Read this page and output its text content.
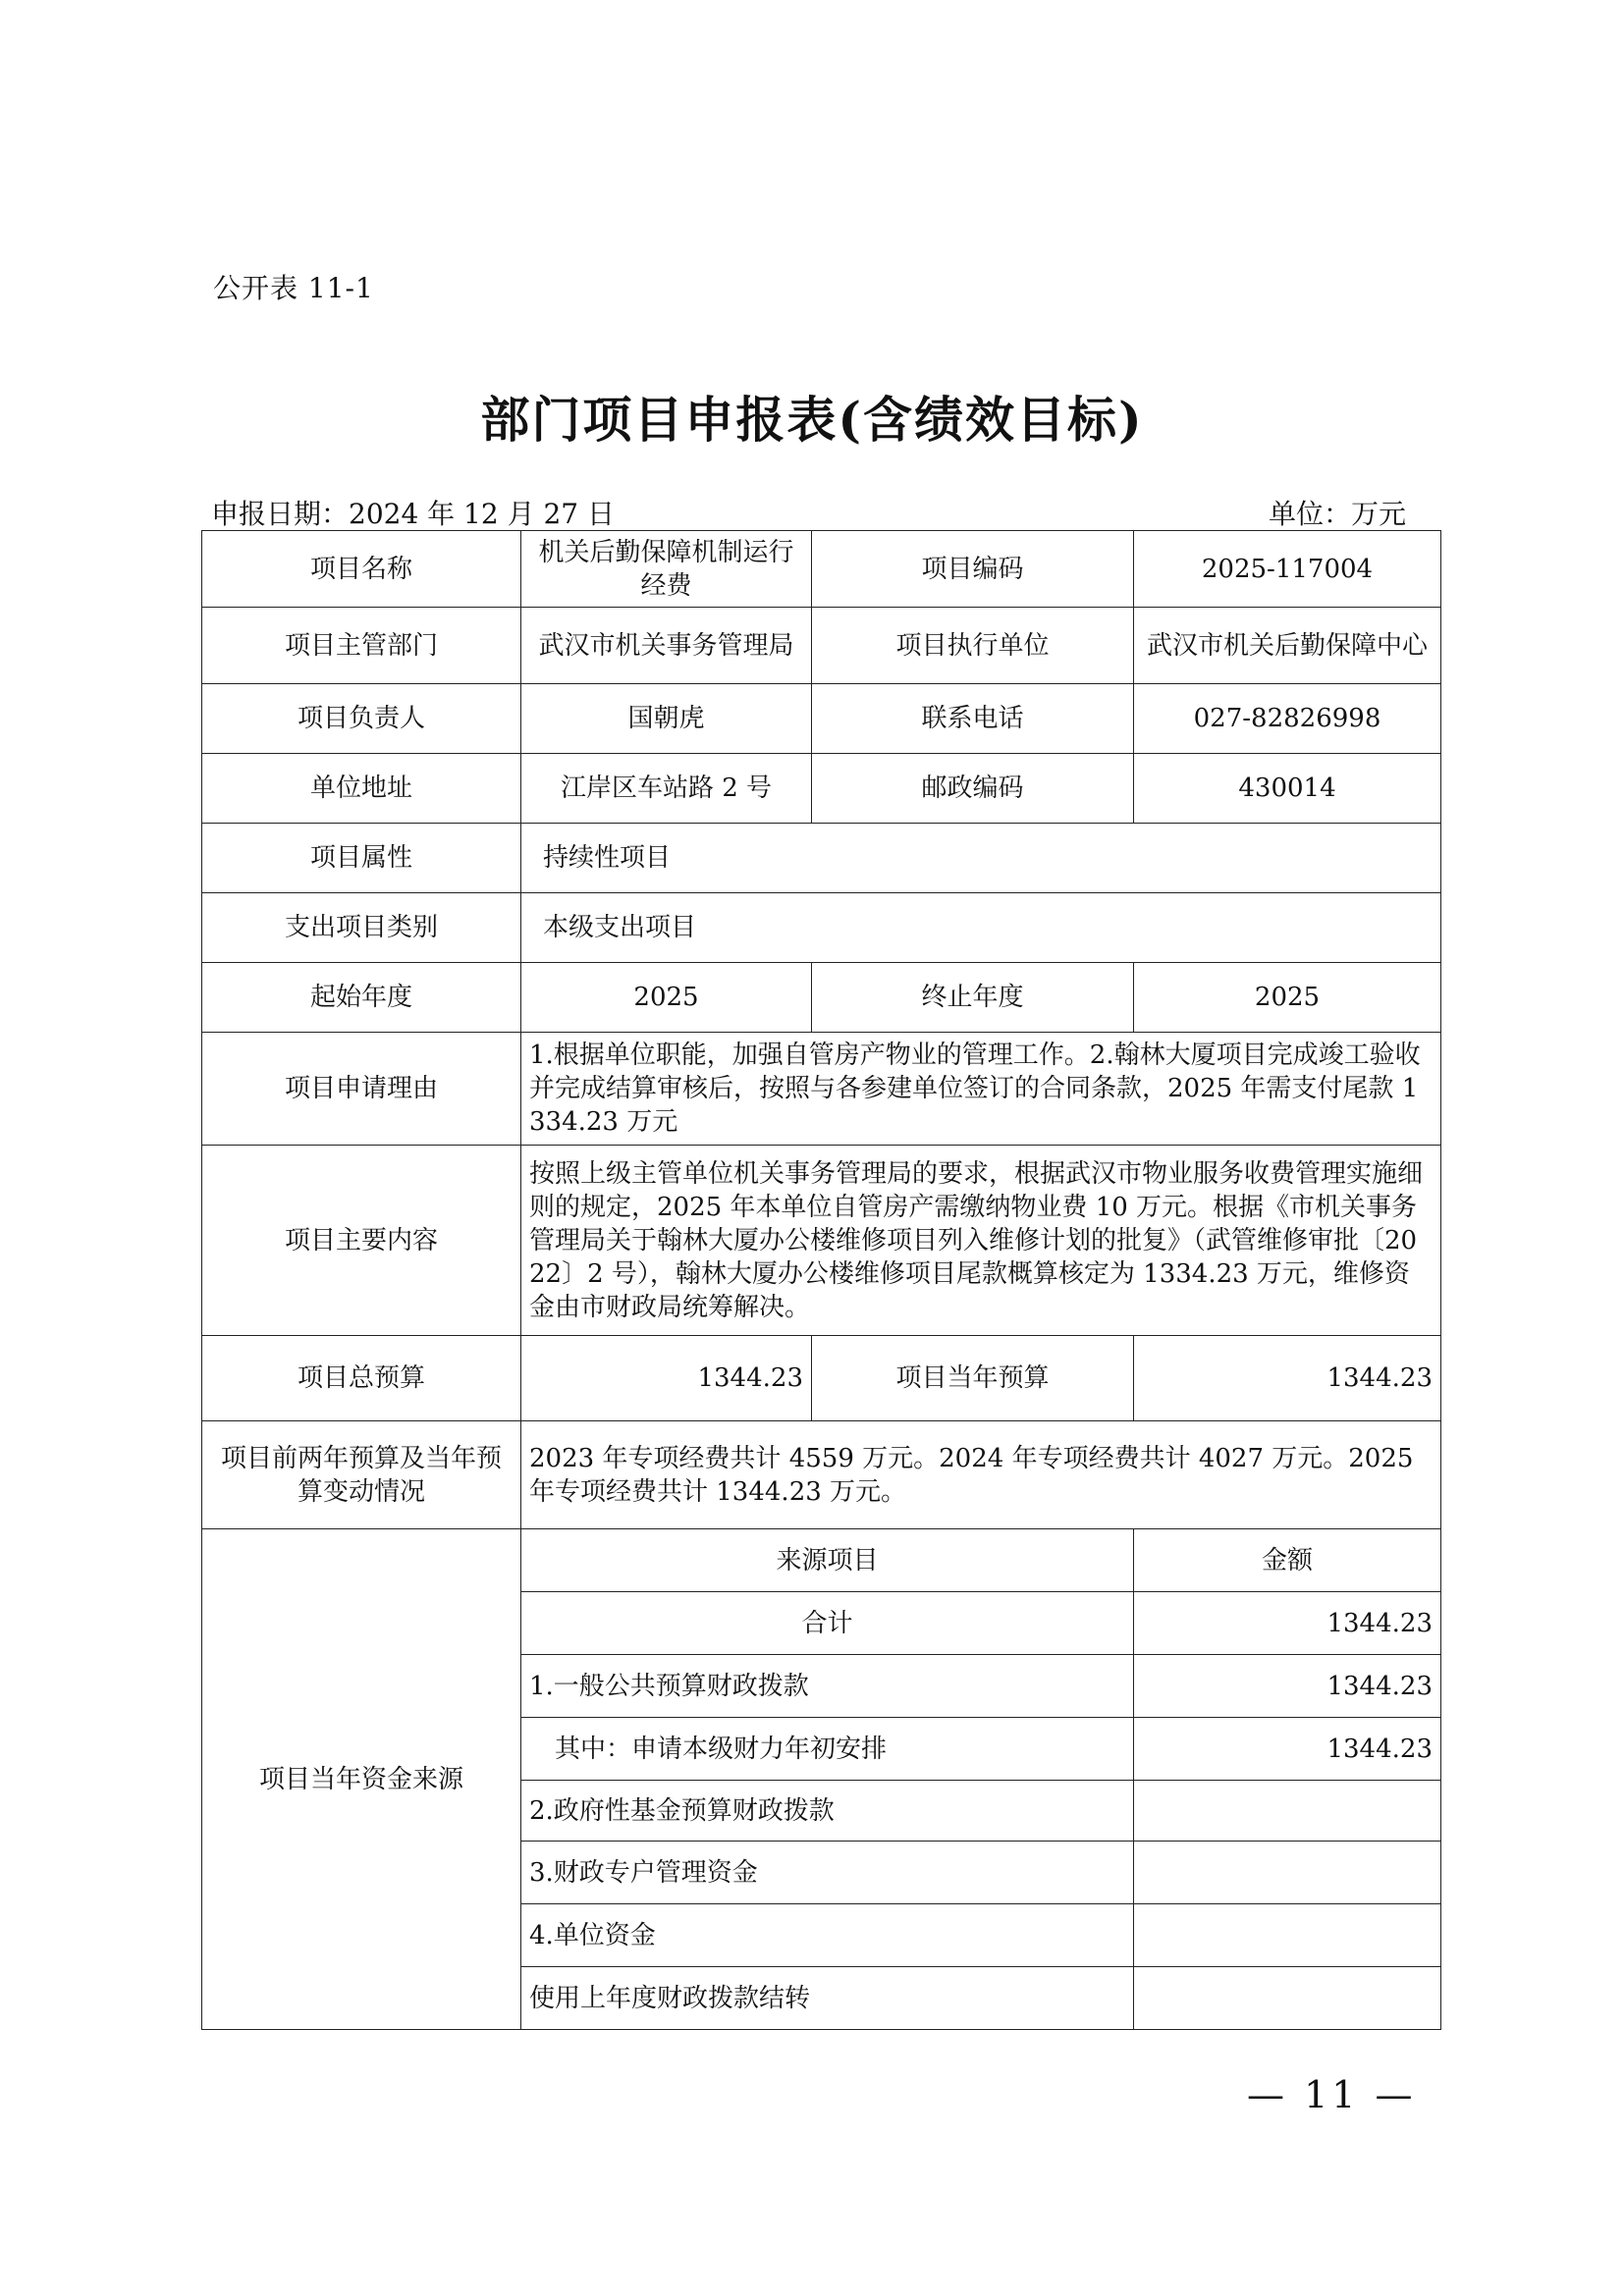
公开表 11-1
部门项目申报表(含绩效目标)
申报日期：2024 年 12 月 27 日	单位：万元
项目名称	机关后勤保障机制运行经费	项目编码	2025-117004
项目主管部门	武汉市机关事务管理局	项目执行单位	武汉市机关后勤保障中心
项目负责人	国朝虎	联系电话	027-82826998
单位地址	江岸区车站路 2 号	邮政编码	430014
项目属性	持续性项目		
支出项目类别	本级支出项目		
起始年度	2025	终止年度	2025
项目申请理由	1.根据单位职能，加强自管房产物业的管理工作。2.翰林大厦项目完成竣工验收并完成结算审核后，按照与各参建单位签订的合同条款，2025 年需支付尾款 1334.23 万元		
项目主要内容	按照上级主管单位机关事务管理局的要求，根据武汉市物业服务收费管理实施细则的规定，2025 年本单位自管房产需缴纳物业费 10 万元。根据《市机关事务管理局关于翰林大厦办公楼维修项目列入维修计划的批复》（武管维修审批〔2022〕2 号），翰林大厦办公楼维修项目尾款概算核定为 1334.23 万元，维修资金由市财政局统筹解决。		
项目总预算	1344.23	项目当年预算	1344.23
项目前两年预算及当年预算变动情况	2023 年专项经费共计 4559 万元。2024 年专项经费共计 4027 万元。2025 年专项经费共计 1344.23 万元。		
项目当年资金来源	来源项目		金额
	合计		1344.23
	1.一般公共预算财政拨款		1344.23
	其中：申请本级财力年初安排		1344.23
	2.政府性基金预算财政拨款		
	3.财政专户管理资金		
	4.单位资金		
	使用上年度财政拨款结转		
— 11 —
